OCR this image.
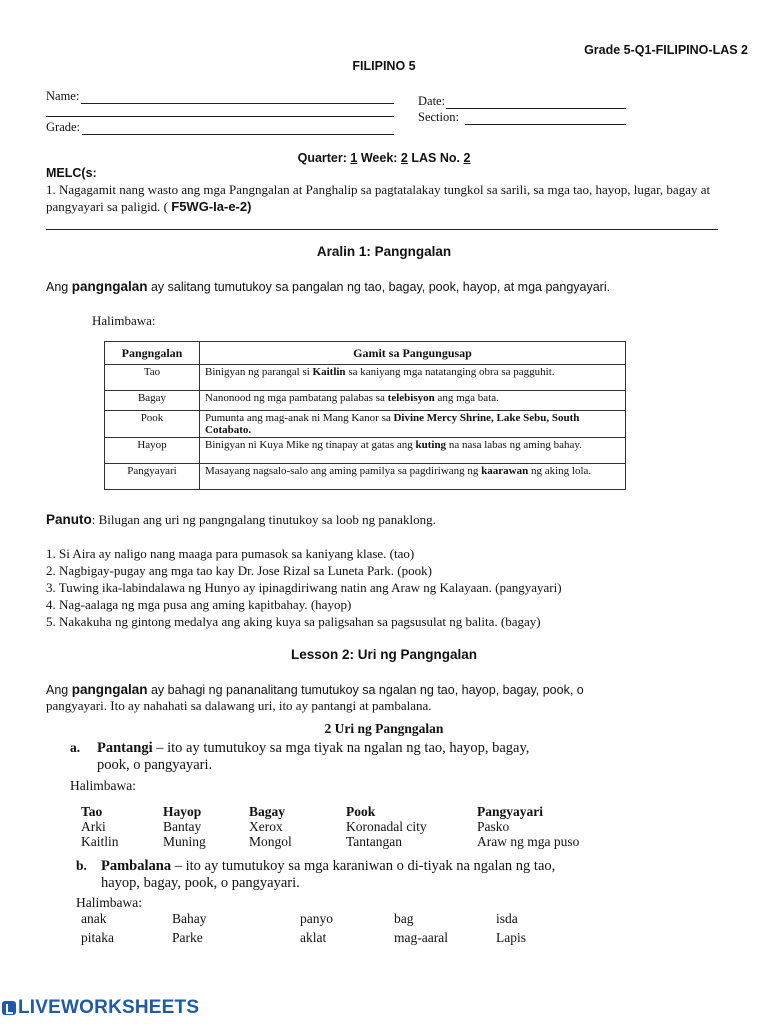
Grade 5-Q1-FILIPINO-LAS 2
FILIPINO 5
Name:
Grade:
Date:
Section:
Quarter: 1 Week: 2 LAS No. 2
MELC(s:
1. Nagagamit nang wasto ang mga Pangngalan at Panghalip sa pagtatalakay tungkol sa sarili, sa mga tao, hayop, lugar, bagay at pangyayari sa paligid. ( F5WG-Ia-e-2)
Aralin 1: Pangngalan
Ang pangngalan ay salitang tumutukoy sa pangalan ng tao, bagay, pook, hayop, at mga pangyayari.
Halimbawa:
Pangngalan	Gamit sa Pangungusap
Tao	Binigyan ng parangal si Kaitlin sa kaniyang mga natatanging obra sa pagguhit.
Bagay	Nanonood ng mga pambatang palabas sa telebisyon ang mga bata.
Pook	Pumunta ang mag-anak ni Mang Kanor sa Divine Mercy Shrine, Lake Sebu, South Cotabato.
Hayop	Binigyan ni Kuya Mike ng tinapay at gatas ang kuting na nasa labas ng aming bahay.
Pangyayari	Masayang nagsalo-salo ang aming pamilya sa pagdiriwang ng kaarawan ng aking lola.
Panuto: Bilugan ang uri ng pangngalang tinutukoy sa loob ng panaklong.
1. Si Aira ay naligo nang maaga para pumasok sa kaniyang klase. (tao)
2. Nagbigay-pugay ang mga tao kay Dr. Jose Rizal sa Luneta Park. (pook)
3. Tuwing ika-labindalawa ng Hunyo ay ipinagdiriwang natin ang Araw ng Kalayaan. (pangyayari)
4. Nag-aalaga ng mga pusa ang aming kapitbahay. (hayop)
5. Nakakuha ng gintong medalya ang aking kuya sa paligsahan sa pagsusulat ng balita. (bagay)
Lesson 2: Uri ng Pangngalan
Ang pangngalan ay bahagi ng pananalitang tumutukoy sa ngalan ng tao, hayop, bagay, pook, o
pangyayari. Ito ay nahahati sa dalawang uri, ito ay pantangi at pambalana.
2 Uri ng Pangngalan
a. Pantangi – ito ay tumutukoy sa mga tiyak na ngalan ng tao, hayop, bagay,
pook, o pangyayari.
Halimbawa:
Tao	Hayop	Bagay	Pook	Pangyayari
Arki	Bantay	Xerox	Koronadal city	Pasko
Kaitlin	Muning	Mongol	Tantangan	Araw ng mga puso
b. Pambalana – ito ay tumutukoy sa mga karaniwan o di-tiyak na ngalan ng tao,
hayop, bagay, pook, o pangyayari.
Halimbawa:
anak	Bahay	panyo	bag	isda
pitaka	Parke	aklat	mag-aaral	Lapis
LIVEWORKSHEETS
